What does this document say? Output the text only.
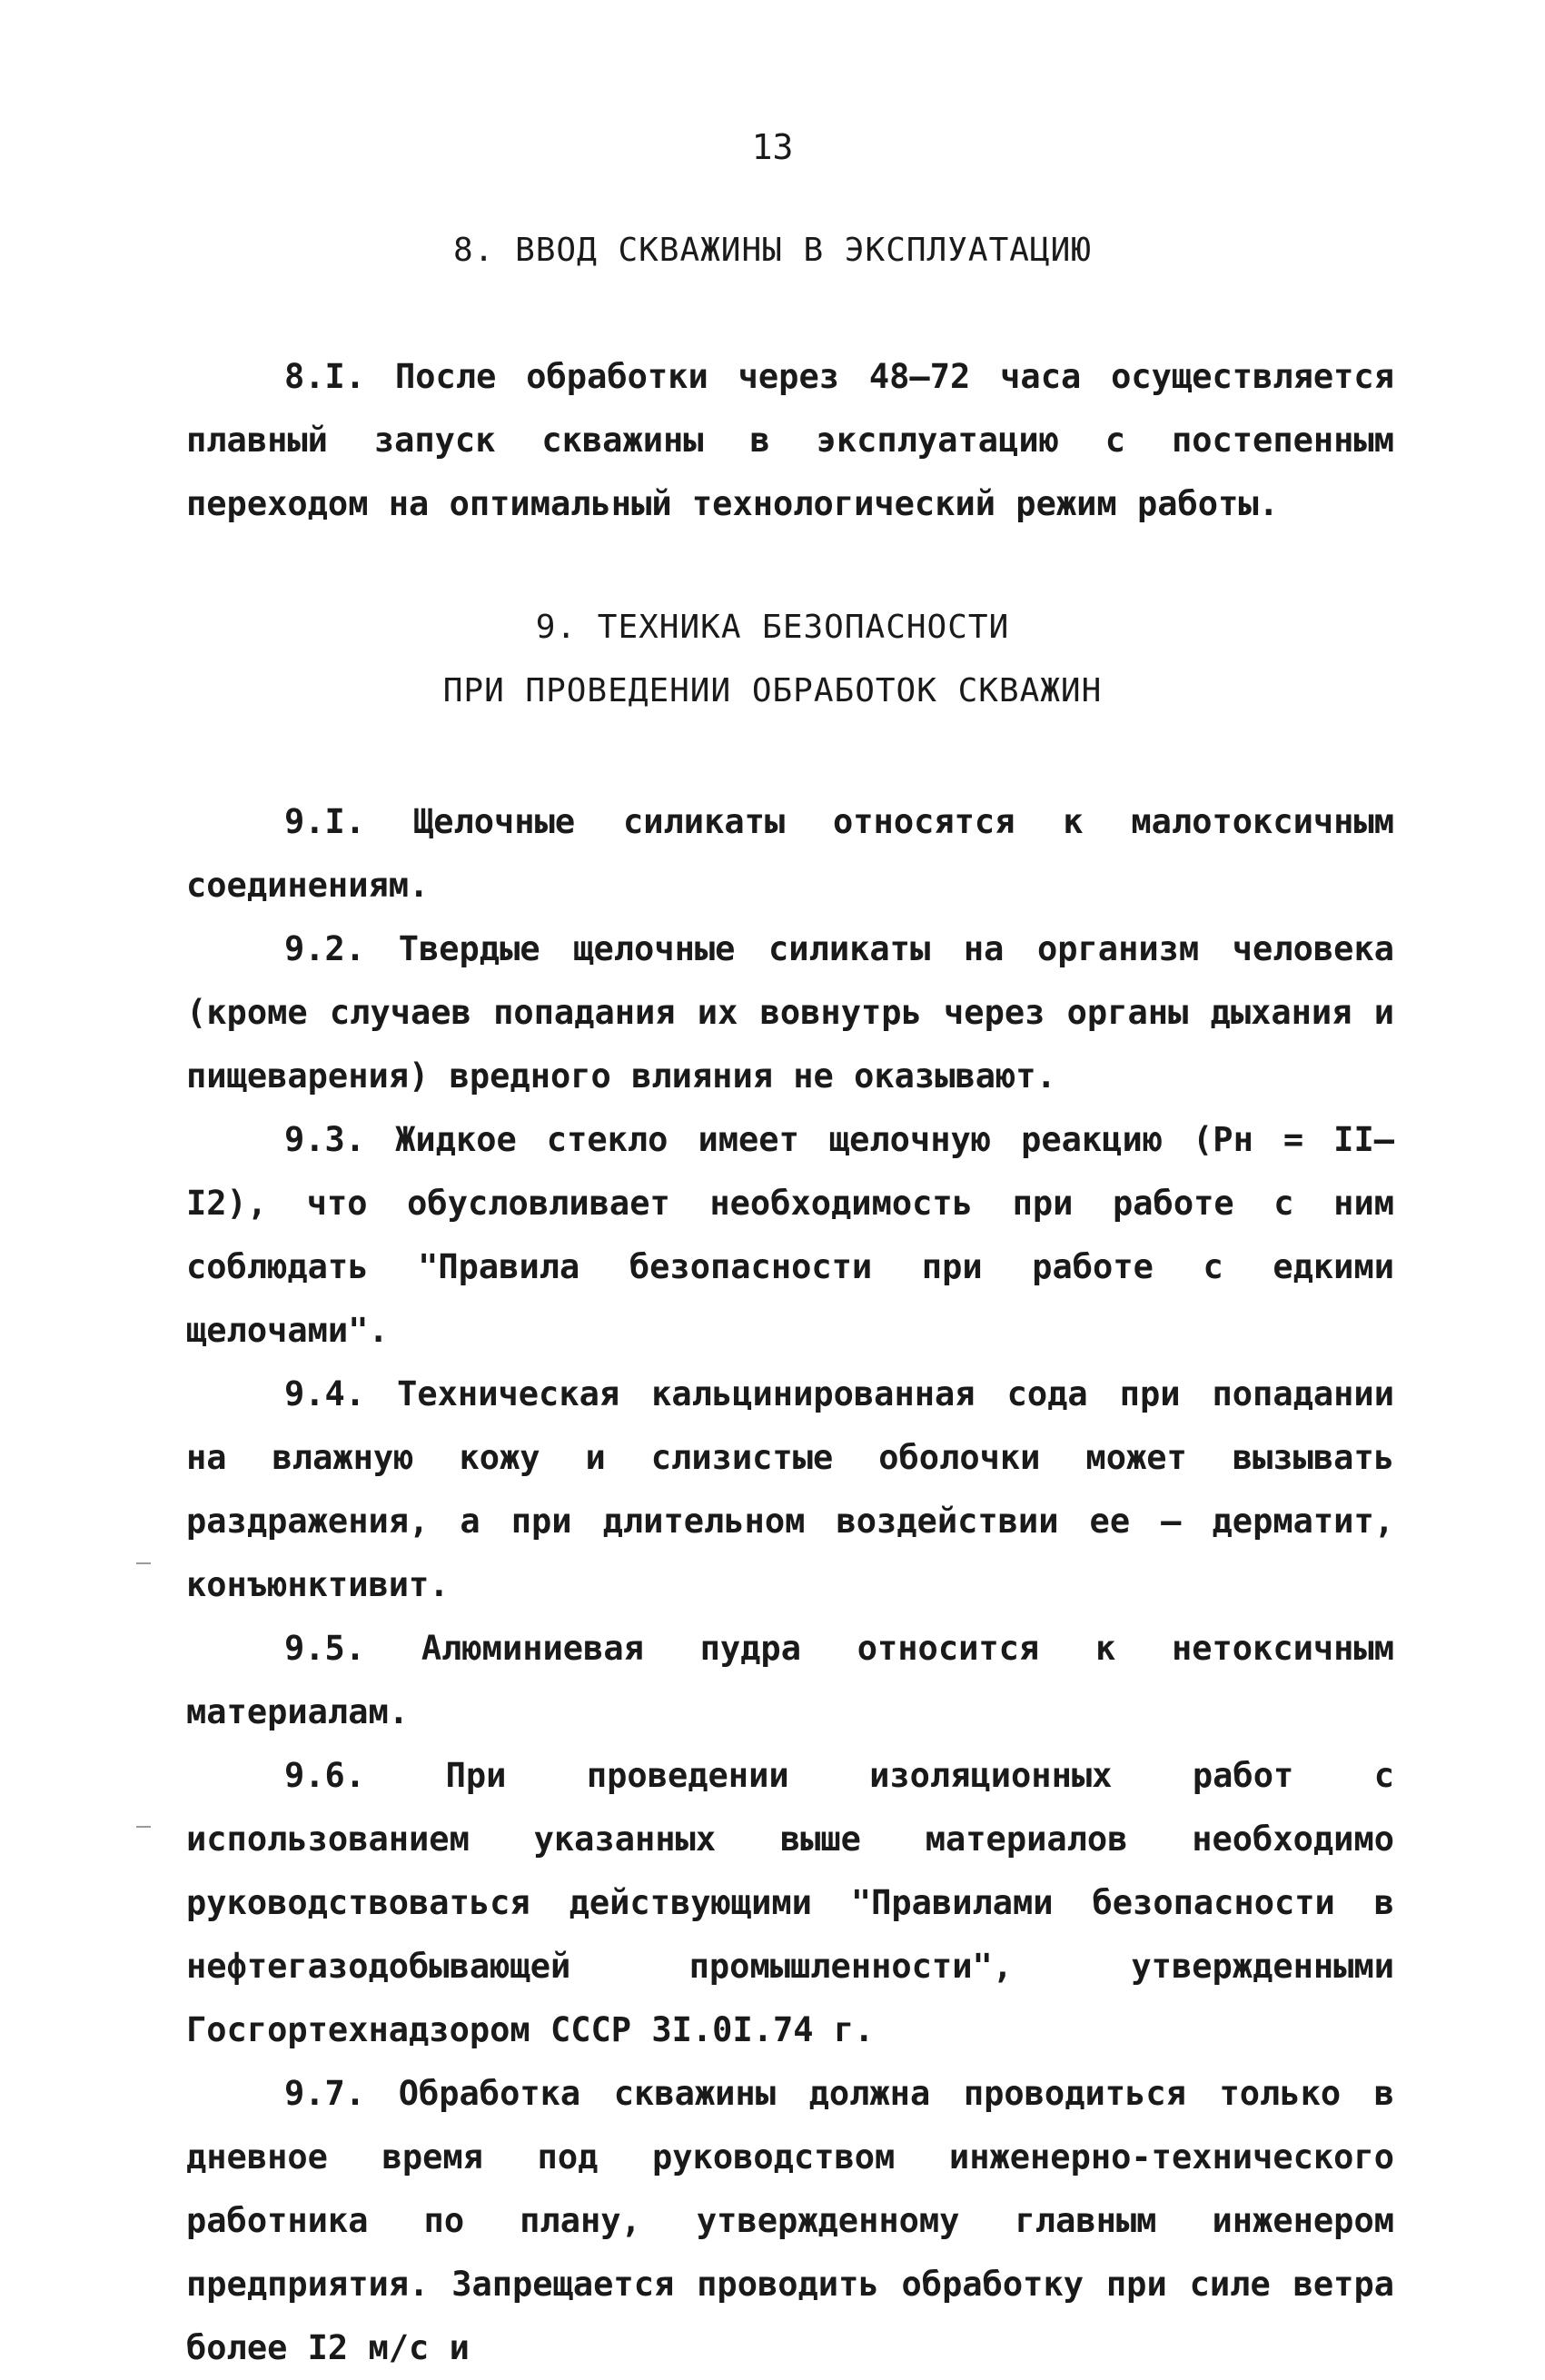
13
8. ВВОД СКВАЖИНЫ В ЭКСПЛУАТАЦИЮ

8.I. После обработки через 48–72 часа осуществляется плавный запуск скважины в эксплуатацию с постепенным переходом на оптимальный технологический режим работы.

9. ТЕХНИКА БЕЗОПАСНОСТИ
ПРИ ПРОВЕДЕНИИ ОБРАБОТОК СКВАЖИН

9.I. Щелочные силикаты относятся к малотоксичным соединениям.

9.2. Твердые щелочные силикаты на организм человека (кроме случаев попадания их вовнутрь через органы дыхания и пищеварения) вредного влияния не оказывают.

9.3. Жидкое стекло имеет щелочную реакцию (Рн = II–I2), что обусловливает необходимость при работе с ним соблюдать "Правила безопасности при работе с едкими щелочами".

9.4. Техническая кальцинированная сода при попадании на влажную кожу и слизистые оболочки может вызывать раздражения, а при длительном воздействии ее – дерматит, конъюнктивит.

9.5. Алюминиевая пудра относится к нетоксичным материалам.

9.6. При проведении изоляционных работ с использованием указанных выше материалов необходимо руководствоваться действующими "Правилами безопасности в нефтегазодобывающей промышленности", утвержденными Госгортехнадзором СССР 3I.0I.74 г.

9.7. Обработка скважины должна проводиться только в дневное время под руководством инженерно-технического работника по плану, утвержденному главным инженером предприятия. Запрещается проводить обработку при силе ветра более I2 м/с и
